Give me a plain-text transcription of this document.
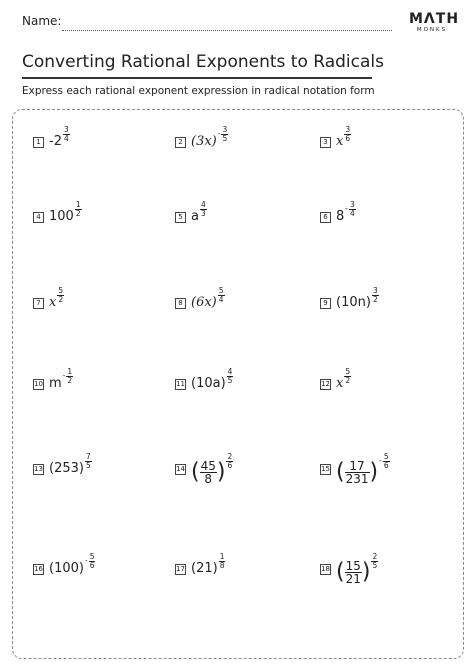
Name:	MΛTH
MONKS
Converting Rational Exponents to Radicals
Express each rational exponent expression in radical notation form
1 $-2 \frac{3}{4}$	2 $(3x)- \frac{3}{5}$	3 x $\frac{3}{6}$
4 $100 \frac{1}{2}$	5 a $\frac{4}{3}$	6 $8- \frac{3}{4}$
7 x $\frac{5}{2}$	8 $(6x) \frac{5}{4}$	9 $(10n) \frac{3}{2}$
10 $m- \frac{1}{2}$	11 $(10a) \frac{4}{5}$	12 x $\frac{5}{2}$
13 $(253) \frac{7}{5}$	14 ( $\frac{45}{8}$ ) $\frac{2}{6}$	15 ( $\frac{17}{231}$ )- $\frac{5}{6}$
16 $(100)- \frac{5}{6}$	17 $(21) \frac{1}{8}$	18 ( $\frac{15}{21}$ ) $\frac{2}{5}$
